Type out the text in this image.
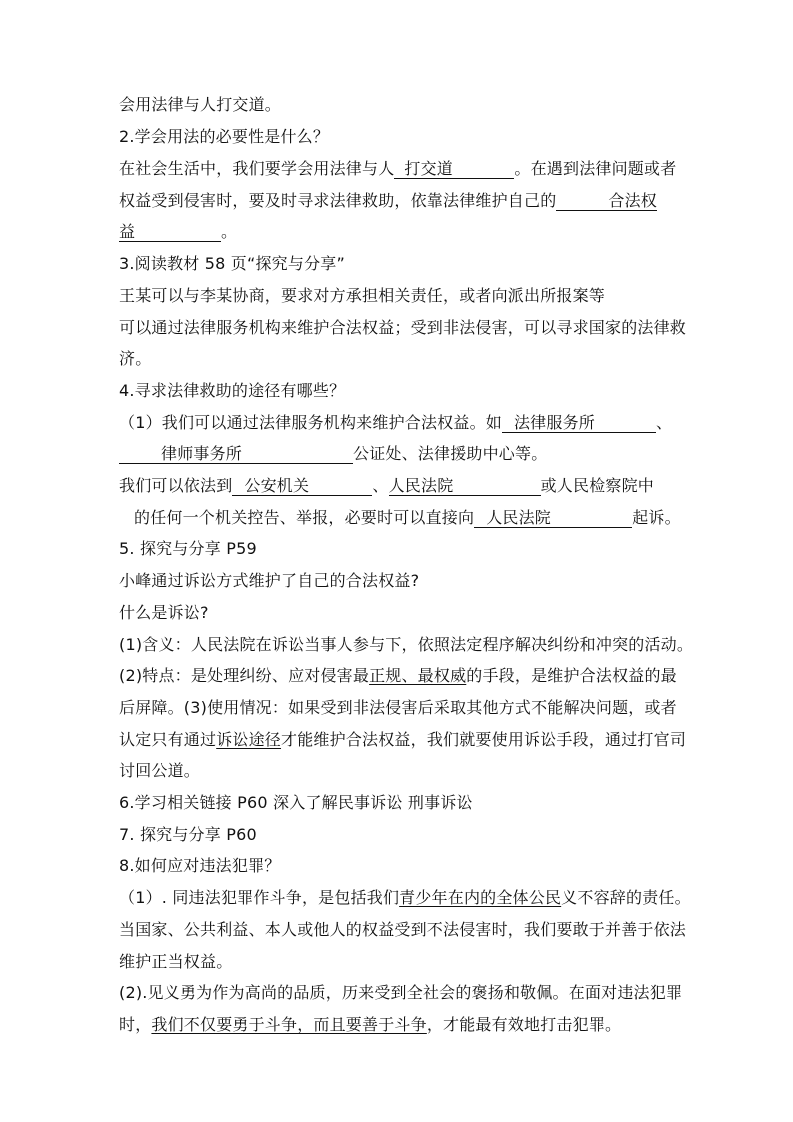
会用法律与人打交道。
2.学会用法的必要性是什么？
在社会生活中，我们要学会用法律与人 打交道	。在遇到法律问题或者
权益受到侵害时，要及时寻求法律救助，依靠法律维护自己的	合法权
益	。
3.阅读教材 58 页“探究与分享”
王某可以与李某协商，要求对方承担相关责任，或者向派出所报案等
可以通过法律服务机构来维护合法权益；受到非法侵害，可以寻求国家的法律救
济。
4.寻求法律救助的途径有哪些？
（1）我们可以通过法律服务机构来维护合法权益。如 法律服务所	、
律师事务所	公证处、法律援助中心等。
我们可以依法到 公安机关	、人民法院	或人民检察院中
的任何一个机关控告、举报，必要时可以直接向 人民法院	起诉。
5. 探究与分享 P59
小峰通过诉讼方式维护了自己的合法权益?
什么是诉讼?
(1)含义：人民法院在诉讼当事人参与下，依照法定程序解决纠纷和冲突的活动。
(2)特点：是处理纠纷、应对侵害最正规、最权威的手段，是维护合法权益的最
后屏障。(3)使用情况：如果受到非法侵害后采取其他方式不能解决问题，或者
认定只有通过诉讼途径才能维护合法权益，我们就要使用诉讼手段，通过打官司
讨回公道。
6.学习相关链接 P60 深入了解民事诉讼 刑事诉讼
7. 探究与分享 P60
8.如何应对违法犯罪？
（1）. 同违法犯罪作斗争，是包括我们青少年在内的全体公民义不容辞的责任。
当国家、公共利益、本人或他人的权益受到不法侵害时，我们要敢于并善于依法
维护正当权益。
(2).见义勇为作为高尚的品质，历来受到全社会的褒扬和敬佩。在面对违法犯罪
时，我们不仅要勇于斗争，而且要善于斗争，才能最有效地打击犯罪。
